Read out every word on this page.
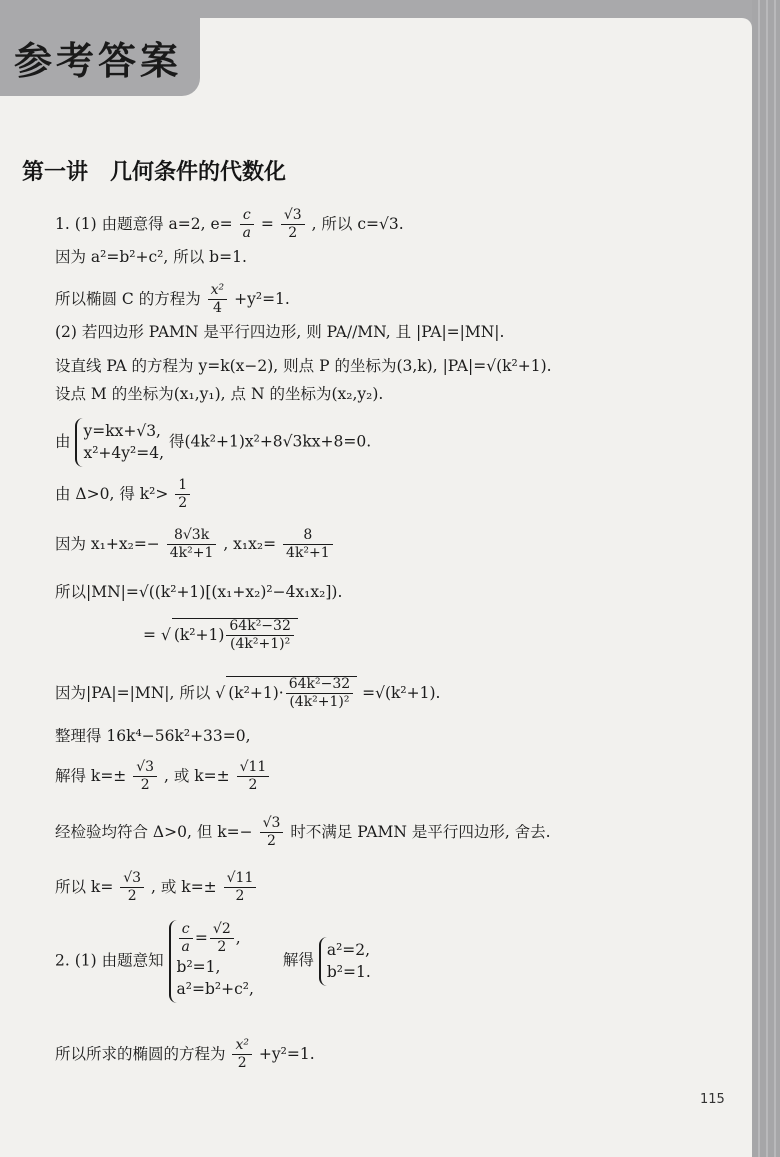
参考答案
第一讲　几何条件的代数化
1. (1) 由题意得 a=2, $e= \frac{c}{a} = \frac{√3}{2}$ , 所以 c=√3.
因为 a²=b²+c², 所以 b=1.
所以椭圆 C 的方程为 $\frac{\text{x²}}{4} +y^2=1$.
(2) 若四边形 PAMN 是平行四边形, 则 PA//MN, 且 |PA|=|MN|.
设直线 PA 的方程为 y=k(x−2), 则点 P 的坐标为(3,k), |PA|=√(k²+1).
设点 M 的坐标为(x₁,y₁), 点 N 的坐标为(x₂,y₂).
由
y=kx+√3,
x²+4y²=4,
得(4k²+1)x²+8√3kx+8=0.
由 Δ>0, 得 $k^2> \frac{1}{2}$
因为 $x_1+x_2=- \frac{8√3k}{\text{4k²+1}}$ , $x_1x_2= \frac{8}{\text{4k²+1}}$
所以|MN|=√((k²+1)[(x₁+x₂)²−4x₁x₂]).
= √ $(k^2+1) \frac{\text{64k²−32}}{\text{(4k²+1)²}}$
因为|PA|=|MN|, 所以 √ $(k^2+1)\cdot \frac{\text{64k²−32}}{\text{(4k²+1)²}} =√(k^2+1)$.
整理得 16k⁴−56k²+33=0,
解得 $k=\pm \frac{√3}{2}$ , 或 $k=\pm \frac{√11}{2}$
经检验均符合 Δ>0, 但 $k=- \frac{√3}{2}$ 时不满足 PAMN 是平行四边形, 舍去.
所以 $k= \frac{√3}{2}$ , 或 $k=\pm \frac{√11}{2}$
2. (1) 由题意知
$\frac{c}{a} = \frac{√2}{2}$ ,
b²=1,
a²=b²+c²,
解得
a²=2,
b²=1.
所以所求的椭圆的方程为 $\frac{\text{x²}}{2} +y^2=1$.
115
